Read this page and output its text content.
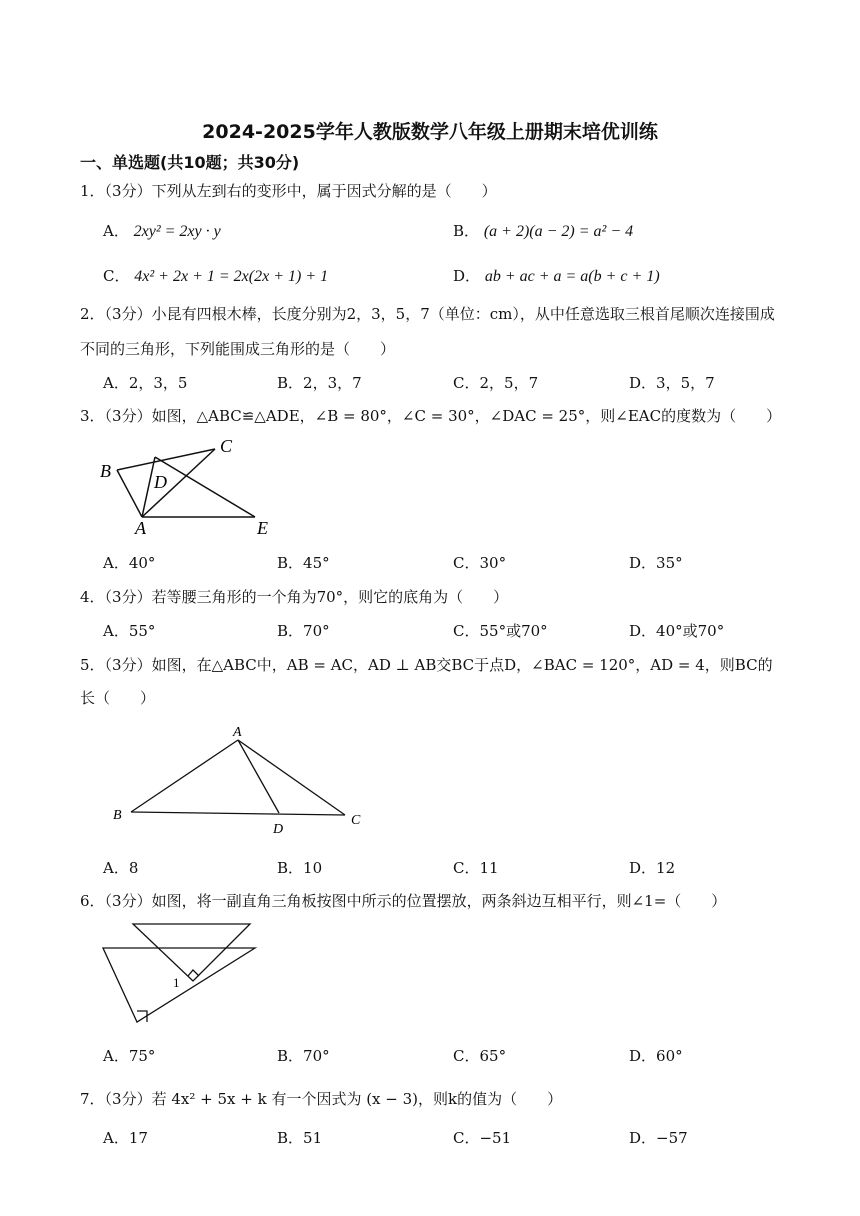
2024-2025学年人教版数学八年级上册期末培优训练
一、单选题(共10题；共30分)
1．（3分）下列从左到右的变形中，属于因式分解的是（　　）
A． 2xy² = 2xy · y	B． (a + 2)(a − 2) = a² − 4
C． 4x² + 2x + 1 = 2x(2x + 1) + 1	D． ab + ac + a = a(b + c + 1)
2．（3分）小昆有四根木棒，长度分别为2，3，5，7（单位：cm），从中任意选取三根首尾顺次连接围成
不同的三角形，下列能围成三角形的是（　　）
A．2，3，5	B．2，3，7	C．2，5，7	D．3，5，7
3．（3分）如图，△ABC≌△ADE，∠B = 80°，∠C = 30°，∠DAC = 25°，则∠EAC的度数为（　　）
B
C
D
A	E
A．40°	B．45°	C．30°	D．35°
4．（3分）若等腰三角形的一个角为70°，则它的底角为（　　）
A．55°	B．70°	C．55°或70°	D．40°或70°
5．（3分）如图，在△ABC中，AB = AC，AD ⊥ AB交BC于点D，∠BAC = 120°，AD = 4，则BC的
长（　　）
A
B	C
D
A．8	B．10	C．11	D．12
6．（3分）如图，将一副直角三角板按图中所示的位置摆放，两条斜边互相平行，则∠1=（　　）
1
A．75°	B．70°	C．65°	D．60°
7．（3分）若 4x² + 5x + k 有一个因式为 (x − 3)，则k的值为（　　）
A．17	B．51	C．−51	D．−57
